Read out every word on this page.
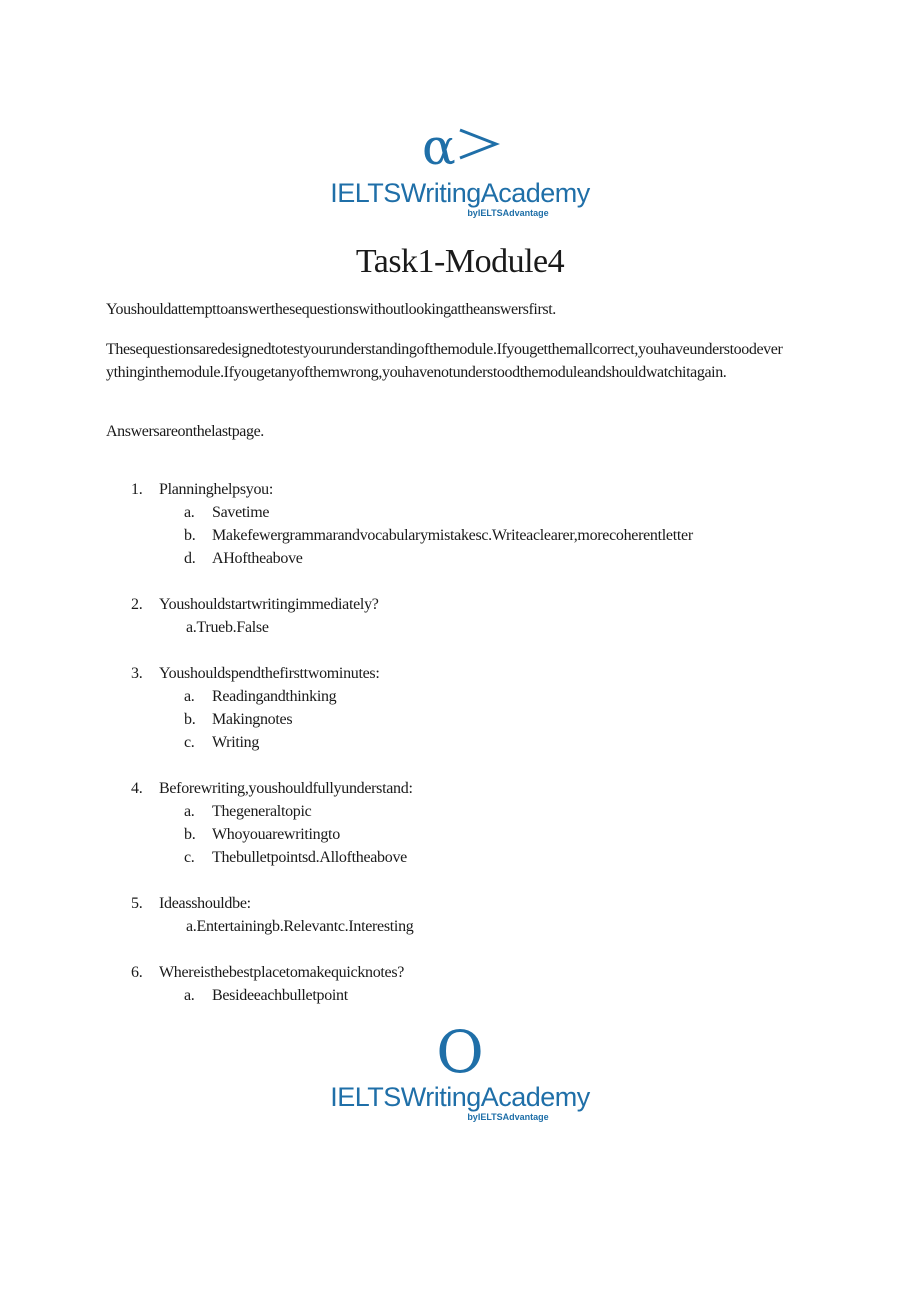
α
IELTSWritingAcademy
byIELTSAdvantage
Task1-Module4

Youshouldattempttoanswerthesequestionswithoutlookingattheanswersfirst.

Thesequestionsaredesignedtotestyourunderstandingofthemodule.Ifyougetthemallcorrect,youhaveunderstoodeverythinginthemodule.Ifyougetanyofthemwrong,youhavenotunderstoodthemoduleandshouldwatchitagain.

Answersareonthelastpage.

1. Planninghelpsyou:
a. Savetime
b. Makefewergrammarandvocabularymistakesc.Writeaclearer,morecoherentletter
d. AHoftheabove
2. Youshouldstartwritingimmediately?
a.Trueb.False
3. Youshouldspendthefirsttwominutes:
a. Readingandthinking
b. Makingnotes
c. Writing
4. Beforewriting,youshouldfullyunderstand:
a. Thegeneraltopic
b. Whoyouarewritingto
c. Thebulletpointsd.Alloftheabove
5. Ideasshouldbe:
a.Entertainingb.Relevantc.Interesting
6. Whereisthebestplacetomakequicknotes?
a. Besideeachbulletpoint
O
IELTSWritingAcademy
byIELTSAdvantage
